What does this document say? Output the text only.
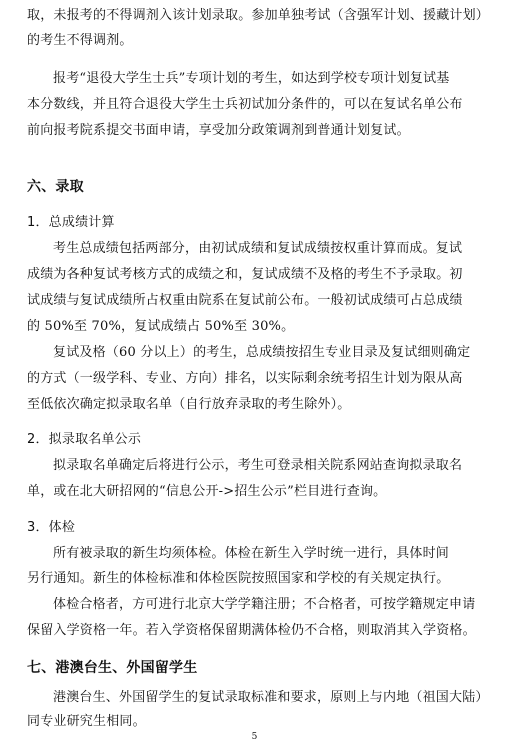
取，未报考的不得调剂入该计划录取。参加单独考试（含强军计划、援藏计划）
的考生不得调剂。
报考“退役大学生士兵”专项计划的考生，如达到学校专项计划复试基
本分数线，并且符合退役大学生士兵初试加分条件的，可以在复试名单公布
前向报考院系提交书面申请，享受加分政策调剂到普通计划复试。
六、录取
1．总成绩计算
考生总成绩包括两部分，由初试成绩和复试成绩按权重计算而成。复试
成绩为各种复试考核方式的成绩之和，复试成绩不及格的考生不予录取。初
试成绩与复试成绩所占权重由院系在复试前公布。一般初试成绩可占总成绩
的 50%至 70%，复试成绩占 50%至 30%。
复试及格（60 分以上）的考生，总成绩按招生专业目录及复试细则确定
的方式（一级学科、专业、方向）排名，以实际剩余统考招生计划为限从高
至低依次确定拟录取名单（自行放弃录取的考生除外）。
2．拟录取名单公示
拟录取名单确定后将进行公示，考生可登录相关院系网站查询拟录取名
单，或在北大研招网的“信息公开->招生公示”栏目进行查询。
3．体检
所有被录取的新生均须体检。体检在新生入学时统一进行，具体时间
另行通知。新生的体检标准和体检医院按照国家和学校的有关规定执行。
体检合格者，方可进行北京大学学籍注册；不合格者，可按学籍规定申请
保留入学资格一年。若入学资格保留期满体检仍不合格，则取消其入学资格。
七、港澳台生、外国留学生
港澳台生、外国留学生的复试录取标准和要求，原则上与内地（祖国大陆）
同专业研究生相同。
5
